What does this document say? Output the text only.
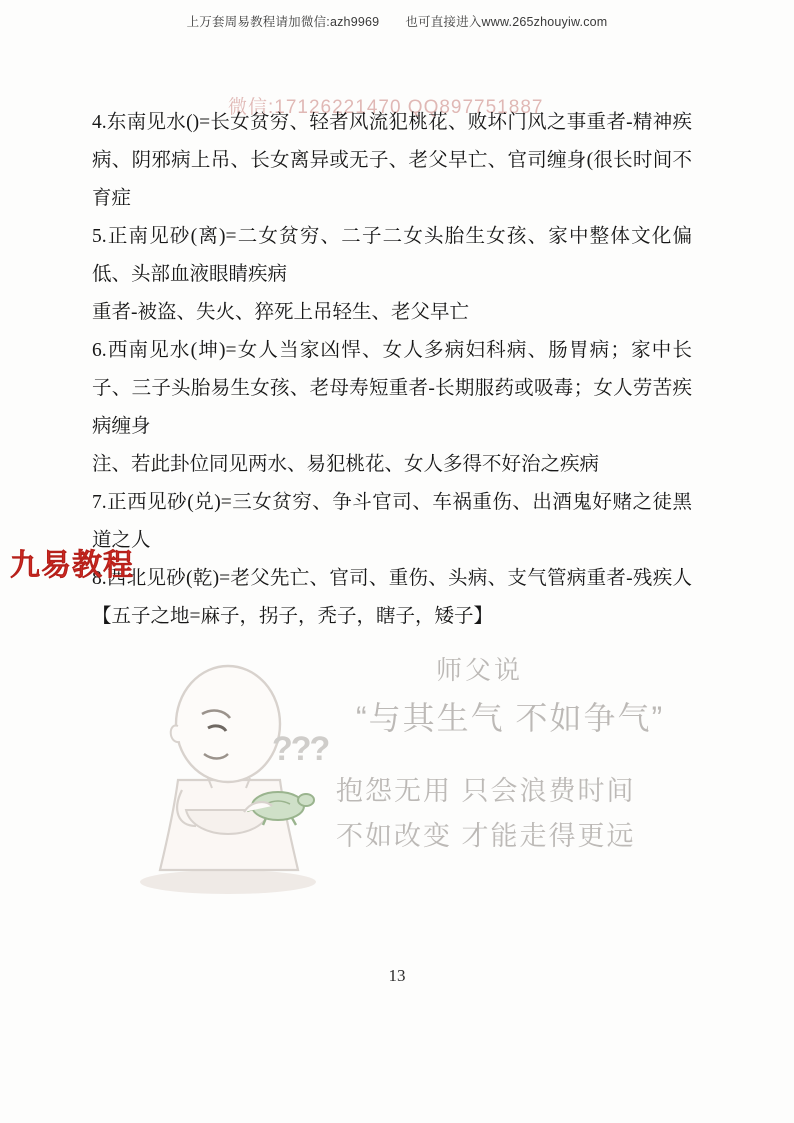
上万套周易教程请加微信:azh9969 也可直接进入www.265zhouyiw.com
微信:17126221470 QQ897751887

4.东南见水()=长女贫穷、轻者风流犯桃花、败坏门风之事重者-精神疾病、阴邪病上吊、长女离异或无子、老父早亡、官司缠身(很长时间不育症

5.正南见砂(离)=二女贫穷、二子二女头胎生女孩、家中整体文化偏低、头部血液眼睛疾病

重者-被盗、失火、猝死上吊轻生、老父早亡

6.西南见水(坤)=女人当家凶悍、女人多病妇科病、肠胃病；家中长子、三子头胎易生女孩、老母寿短重者-长期服药或吸毒；女人劳苦疾病缠身

注、若此卦位同见两水、易犯桃花、女人多得不好治之疾病

7.正西见砂(兑)=三女贫穷、争斗官司、车祸重伤、出酒鬼好赌之徒黑道之人

8.西北见砂(乾)=老父先亡、官司、重伤、头病、支气管病重者-残疾人【五子之地=麻子，拐子，秃子，瞎子，矮子】

九易教程
???
师父说
“与其生气 不如争气”
抱怨无用 只会浪费时间
不如改变 才能走得更远
13
